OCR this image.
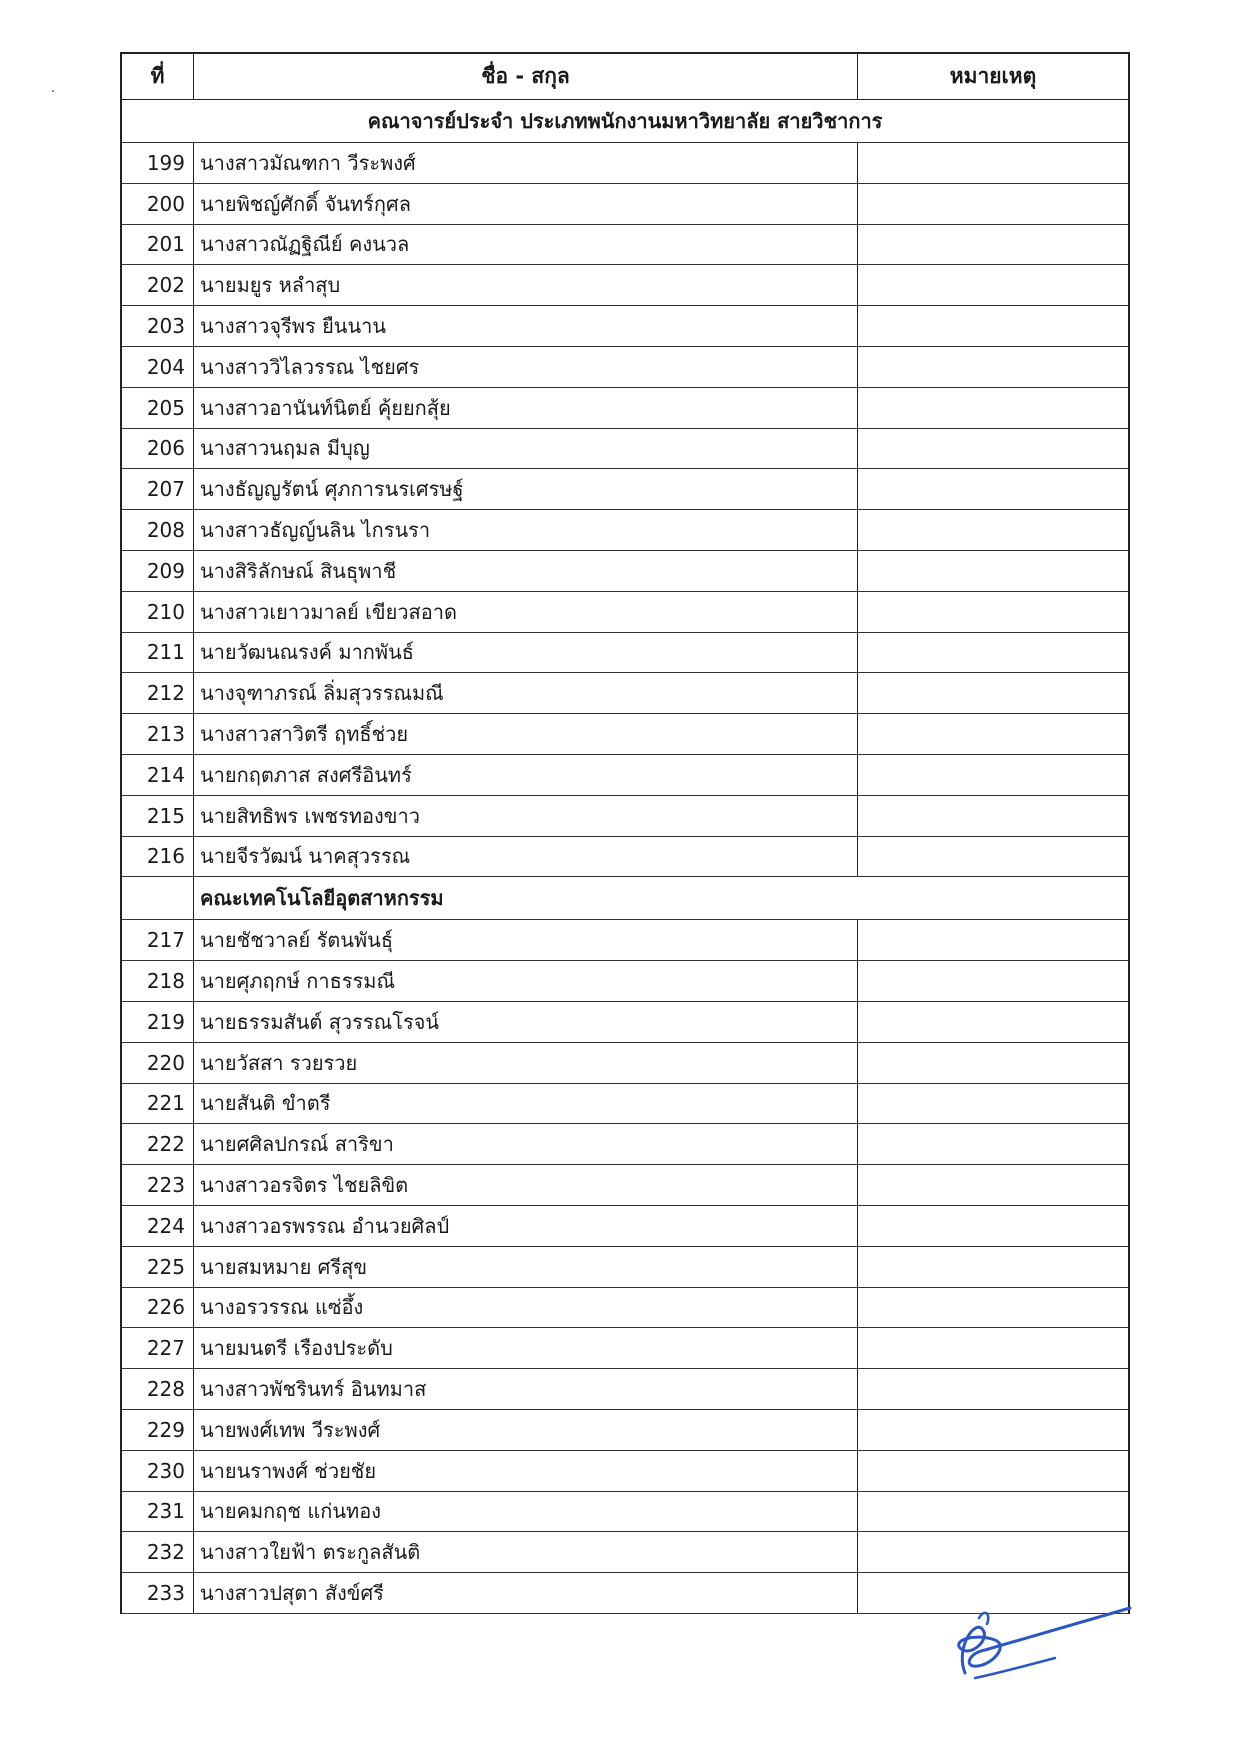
ที่	ชื่อ - สกุล	หมายเหตุ
คณาจารย์ประจำ ประเภทพนักงานมหาวิทยาลัย สายวิชาการ
199 นางสาวมัณฑกา วีระพงศ์
200 นายพิชญ์ศักดิ์ จันทร์กุศล
201 นางสาวณัฏฐิณีย์ คงนวล
202 นายมยูร หลำสุบ
203 นางสาวจุรีพร ยืนนาน
204 นางสาววิไลวรรณ ไชยศร
205 นางสาวอานันท์นิตย์ คุ้ยยกสุ้ย
206 นางสาวนฤมล มีบุญ
207 นางธัญญรัตน์ ศุภการนรเศรษฐ์
208 นางสาวธัญญ์นลิน ไกรนรา
209 นางสิริลักษณ์ สินธุพาชี
210 นางสาวเยาวมาลย์ เขียวสอาด
211 นายวัฒนณรงค์ มากพันธ์
212 นางจุฑาภรณ์ ลิ่มสุวรรณมณี
213 นางสาวสาวิตรี ฤทธิ์ช่วย
214 นายกฤตภาส สงศรีอินทร์
215 นายสิทธิพร เพชรทองขาว
216 นายจีรวัฒน์ นาคสุวรรณ
คณะเทคโนโลยีอุตสาหกรรม
217 นายชัชวาลย์ รัตนพันธ์ุ
218 นายศุภฤกษ์ กาธรรมณี
219 นายธรรมสันต์ สุวรรณโรจน์
220 นายวัสสา รวยรวย
221 นายสันติ ขำตรี
222 นายศศิลปกรณ์ สาริขา
223 นางสาวอรจิตร ไชยลิขิต
224 นางสาวอรพรรณ อำนวยศิลป์
225 นายสมหมาย ศรีสุข
226 นางอรวรรณ แซ่อึ้ง
227 นายมนตรี เรืองประดับ
228 นางสาวพัชรินทร์ อินทมาส
229 นายพงศ์เทพ วีระพงศ์
230 นายนราพงศ์ ช่วยชัย
231 นายคมกฤช แก่นทอง
232 นางสาวใยฟ้า ตระกูลสันติ
233 นางสาวปสุตา สังข์ศรี
